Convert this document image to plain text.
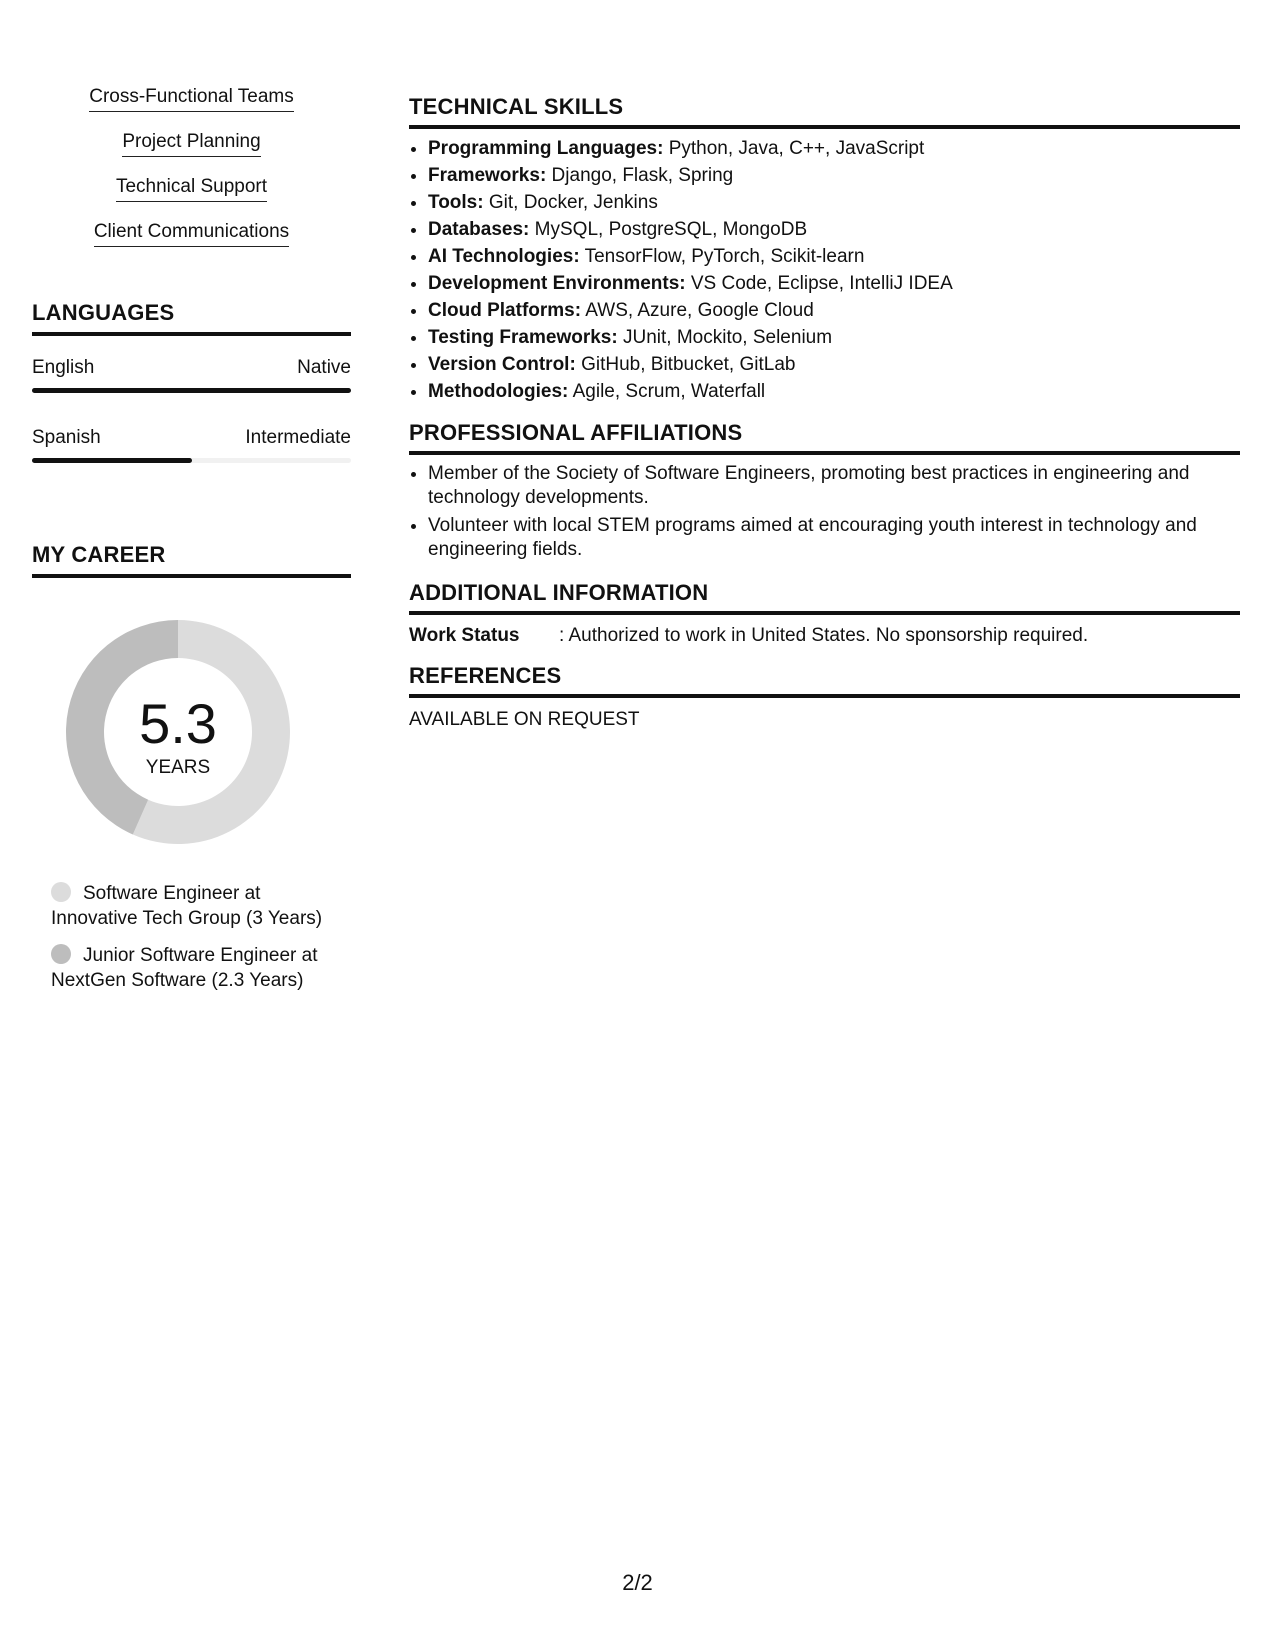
Cross-Functional Teams
Project Planning
Technical Support
Client Communications
LANGUAGES
English	Native
Spanish	Intermediate
MY CAREER
5.3
YEARS
Software Engineer at Innovative Tech Group (3 Years)
Junior Software Engineer at NextGen Software (2.3 Years)
TECHNICAL SKILLS
• Programming Languages: Python, Java, C++, JavaScript
• Frameworks: Django, Flask, Spring
• Tools: Git, Docker, Jenkins
• Databases: MySQL, PostgreSQL, MongoDB
• AI Technologies: TensorFlow, PyTorch, Scikit-learn
• Development Environments: VS Code, Eclipse, IntelliJ IDEA
• Cloud Platforms: AWS, Azure, Google Cloud
• Testing Frameworks: JUnit, Mockito, Selenium
• Version Control: GitHub, Bitbucket, GitLab
• Methodologies: Agile, Scrum, Waterfall
PROFESSIONAL AFFILIATIONS
• Member of the Society of Software Engineers, promoting best practices in engineering and technology developments.
• Volunteer with local STEM programs aimed at encouraging youth interest in technology and engineering fields.
ADDITIONAL INFORMATION
Work Status : Authorized to work in United States. No sponsorship required.
REFERENCES
AVAILABLE ON REQUEST
2/2
